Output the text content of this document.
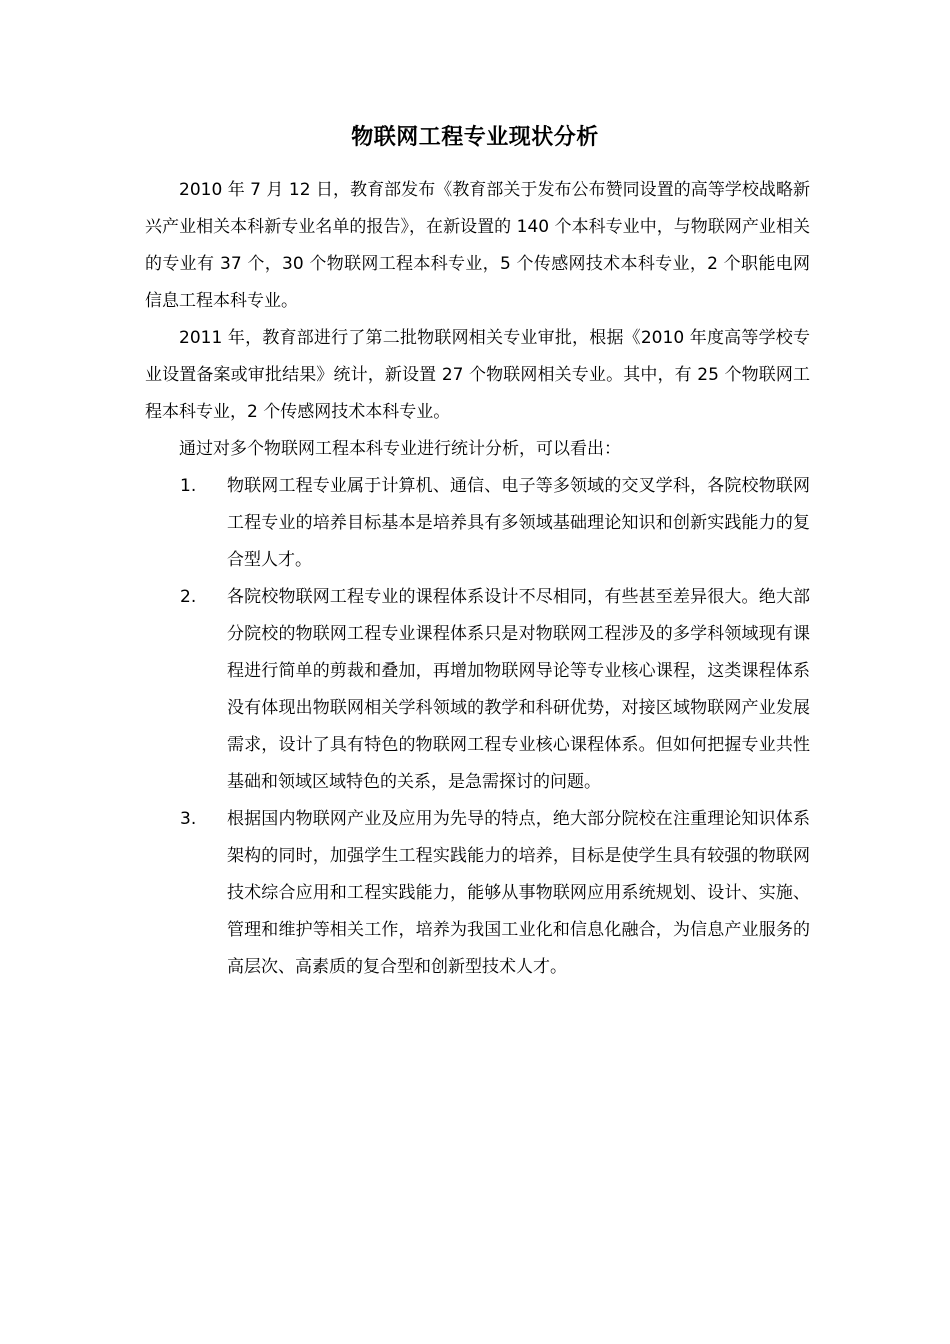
物联网工程专业现状分析

2010 年 7 月 12 日，教育部发布《教育部关于发布公布赞同设置的高等学校战略新兴产业相关本科新专业名单的报告》，在新设置的 140 个本科专业中，与物联网产业相关的专业有 37 个，30 个物联网工程本科专业，5 个传感网技术本科专业，2 个职能电网信息工程本科专业。

2011 年，教育部进行了第二批物联网相关专业审批，根据《2010 年度高等学校专业设置备案或审批结果》统计，新设置 27 个物联网相关专业。其中，有 25 个物联网工程本科专业，2 个传感网技术本科专业。

通过对多个物联网工程本科专业进行统计分析，可以看出：

1. 物联网工程专业属于计算机、通信、电子等多领域的交叉学科，各院校物联网工程专业的培养目标基本是培养具有多领域基础理论知识和创新实践能力的复合型人才。
2. 各院校物联网工程专业的课程体系设计不尽相同，有些甚至差异很大。绝大部分院校的物联网工程专业课程体系只是对物联网工程涉及的多学科领域现有课程进行简单的剪裁和叠加，再增加物联网导论等专业核心课程，这类课程体系没有体现出物联网相关学科领域的教学和科研优势，对接区域物联网产业发展需求，设计了具有特色的物联网工程专业核心课程体系。但如何把握专业共性基础和领域区域特色的关系，是急需探讨的问题。
3. 根据国内物联网产业及应用为先导的特点，绝大部分院校在注重理论知识体系架构的同时，加强学生工程实践能力的培养，目标是使学生具有较强的物联网技术综合应用和工程实践能力，能够从事物联网应用系统规划、设计、实施、管理和维护等相关工作，培养为我国工业化和信息化融合，为信息产业服务的高层次、高素质的复合型和创新型技术人才。
